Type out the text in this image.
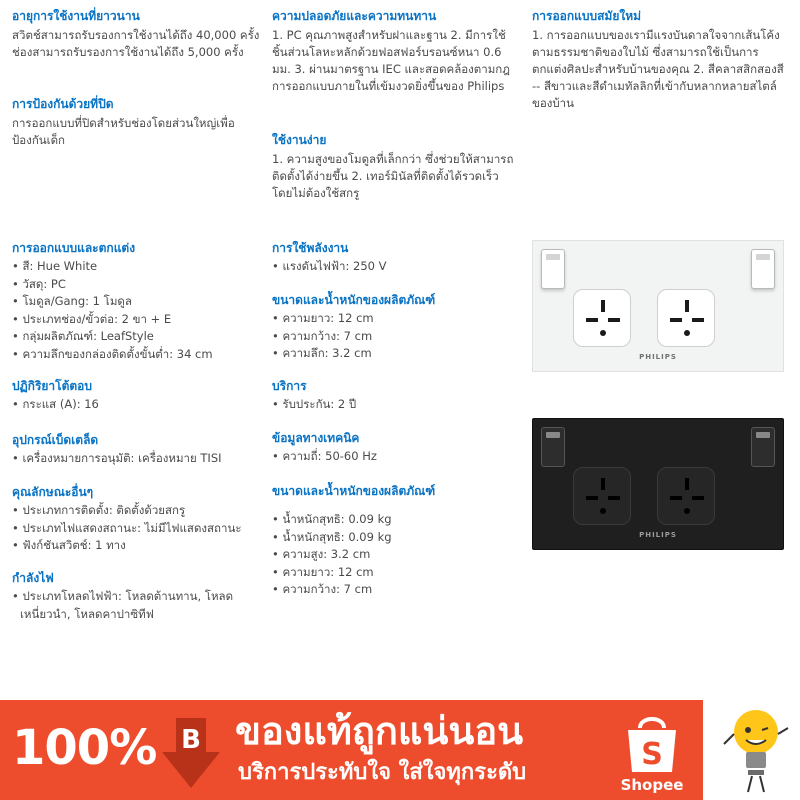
อายุการใช้งานที่ยาวนาน
สวิตช์สามารถรับรองการใช้งานได้ถึง 40,000 ครั้ง ช่องสามารถรับรองการใช้งานได้ถึง 5,000 ครั้ง
การป้องกันด้วยที่ปิด
การออกแบบที่ปิดสำหรับช่องโดยส่วนใหญ่เพื่อป้องกันเด็ก
ความปลอดภัยและความทนทาน
1. PC คุณภาพสูงสำหรับฝาและฐาน 2. มีการใช้ชิ้นส่วนโลหะหลักด้วยฟอสฟอร์บรอนซ์หนา 0.6 มม. 3. ผ่านมาตรฐาน IEC และสอดคล้องตามกฎการออกแบบภายในที่เข้มงวดยิ่งขึ้นของ Philips
ใช้งานง่าย
1. ความสูงของโมดูลที่เล็กกว่า ซึ่งช่วยให้สามารถติดตั้งได้ง่ายขึ้น 2. เทอร์มินัลที่ติดตั้งได้รวดเร็ว โดยไม่ต้องใช้สกรู
การออกแบบสมัยใหม่
1. การออกแบบของเรามีแรงบันดาลใจจากเส้นโค้งตามธรรมชาติของใบไม้ ซึ่งสามารถใช้เป็นการตกแต่งศิลปะสำหรับบ้านของคุณ 2. สีคลาสสิกสองสี -- สีขาวและสีดำเมทัลลิกที่เข้ากับหลากหลายสไตล์ของบ้าน
การออกแบบและตกแต่ง
• สี: Hue White
• วัสดุ: PC
• โมดูล/Gang: 1 โมดูล
• ประเภทช่อง/ขั้วต่อ: 2 ขา + E
• กลุ่มผลิตภัณฑ์: LeafStyle
• ความลึกของกล่องติดตั้งขั้นต่ำ: 34 cm
ปฏิกิริยาโต้ตอบ
• กระแส (A): 16
อุปกรณ์เบ็ดเตล็ด
• เครื่องหมายการอนุมัติ: เครื่องหมาย TISI
คุณลักษณะอื่นๆ
• ประเภทการติดตั้ง: ติดตั้งด้วยสกรู
• ประเภทไฟแสดงสถานะ: ไม่มีไฟแสดงสถานะ
• ฟังก์ชันสวิตช์: 1 ทาง
กำลังไฟ
• ประเภทโหลดไฟฟ้า: โหลดต้านทาน, โหลดเหนี่ยวนำ, โหลดคาปาซิทีฟ
การใช้พลังงาน
• แรงดันไฟฟ้า: 250 V
ขนาดและน้ำหนักของผลิตภัณฑ์
• ความยาว: 12 cm
• ความกว้าง: 7 cm
• ความลึก: 3.2 cm
บริการ
• รับประกัน: 2 ปี
ข้อมูลทางเทคนิค
• ความถี่: 50-60 Hz
ขนาดและน้ำหนักของผลิตภัณฑ์
• น้ำหนักสุทธิ: 0.09 kg
• น้ำหนักสุทธิ: 0.09 kg
• ความสูง: 3.2 cm
• ความยาว: 12 cm
• ความกว้าง: 7 cm
PHILIPS
PHILIPS
100% B ของแท้ถูกแน่นอน
บริการประทับใจ ใส่ใจทุกระดับ
S
Shopee
